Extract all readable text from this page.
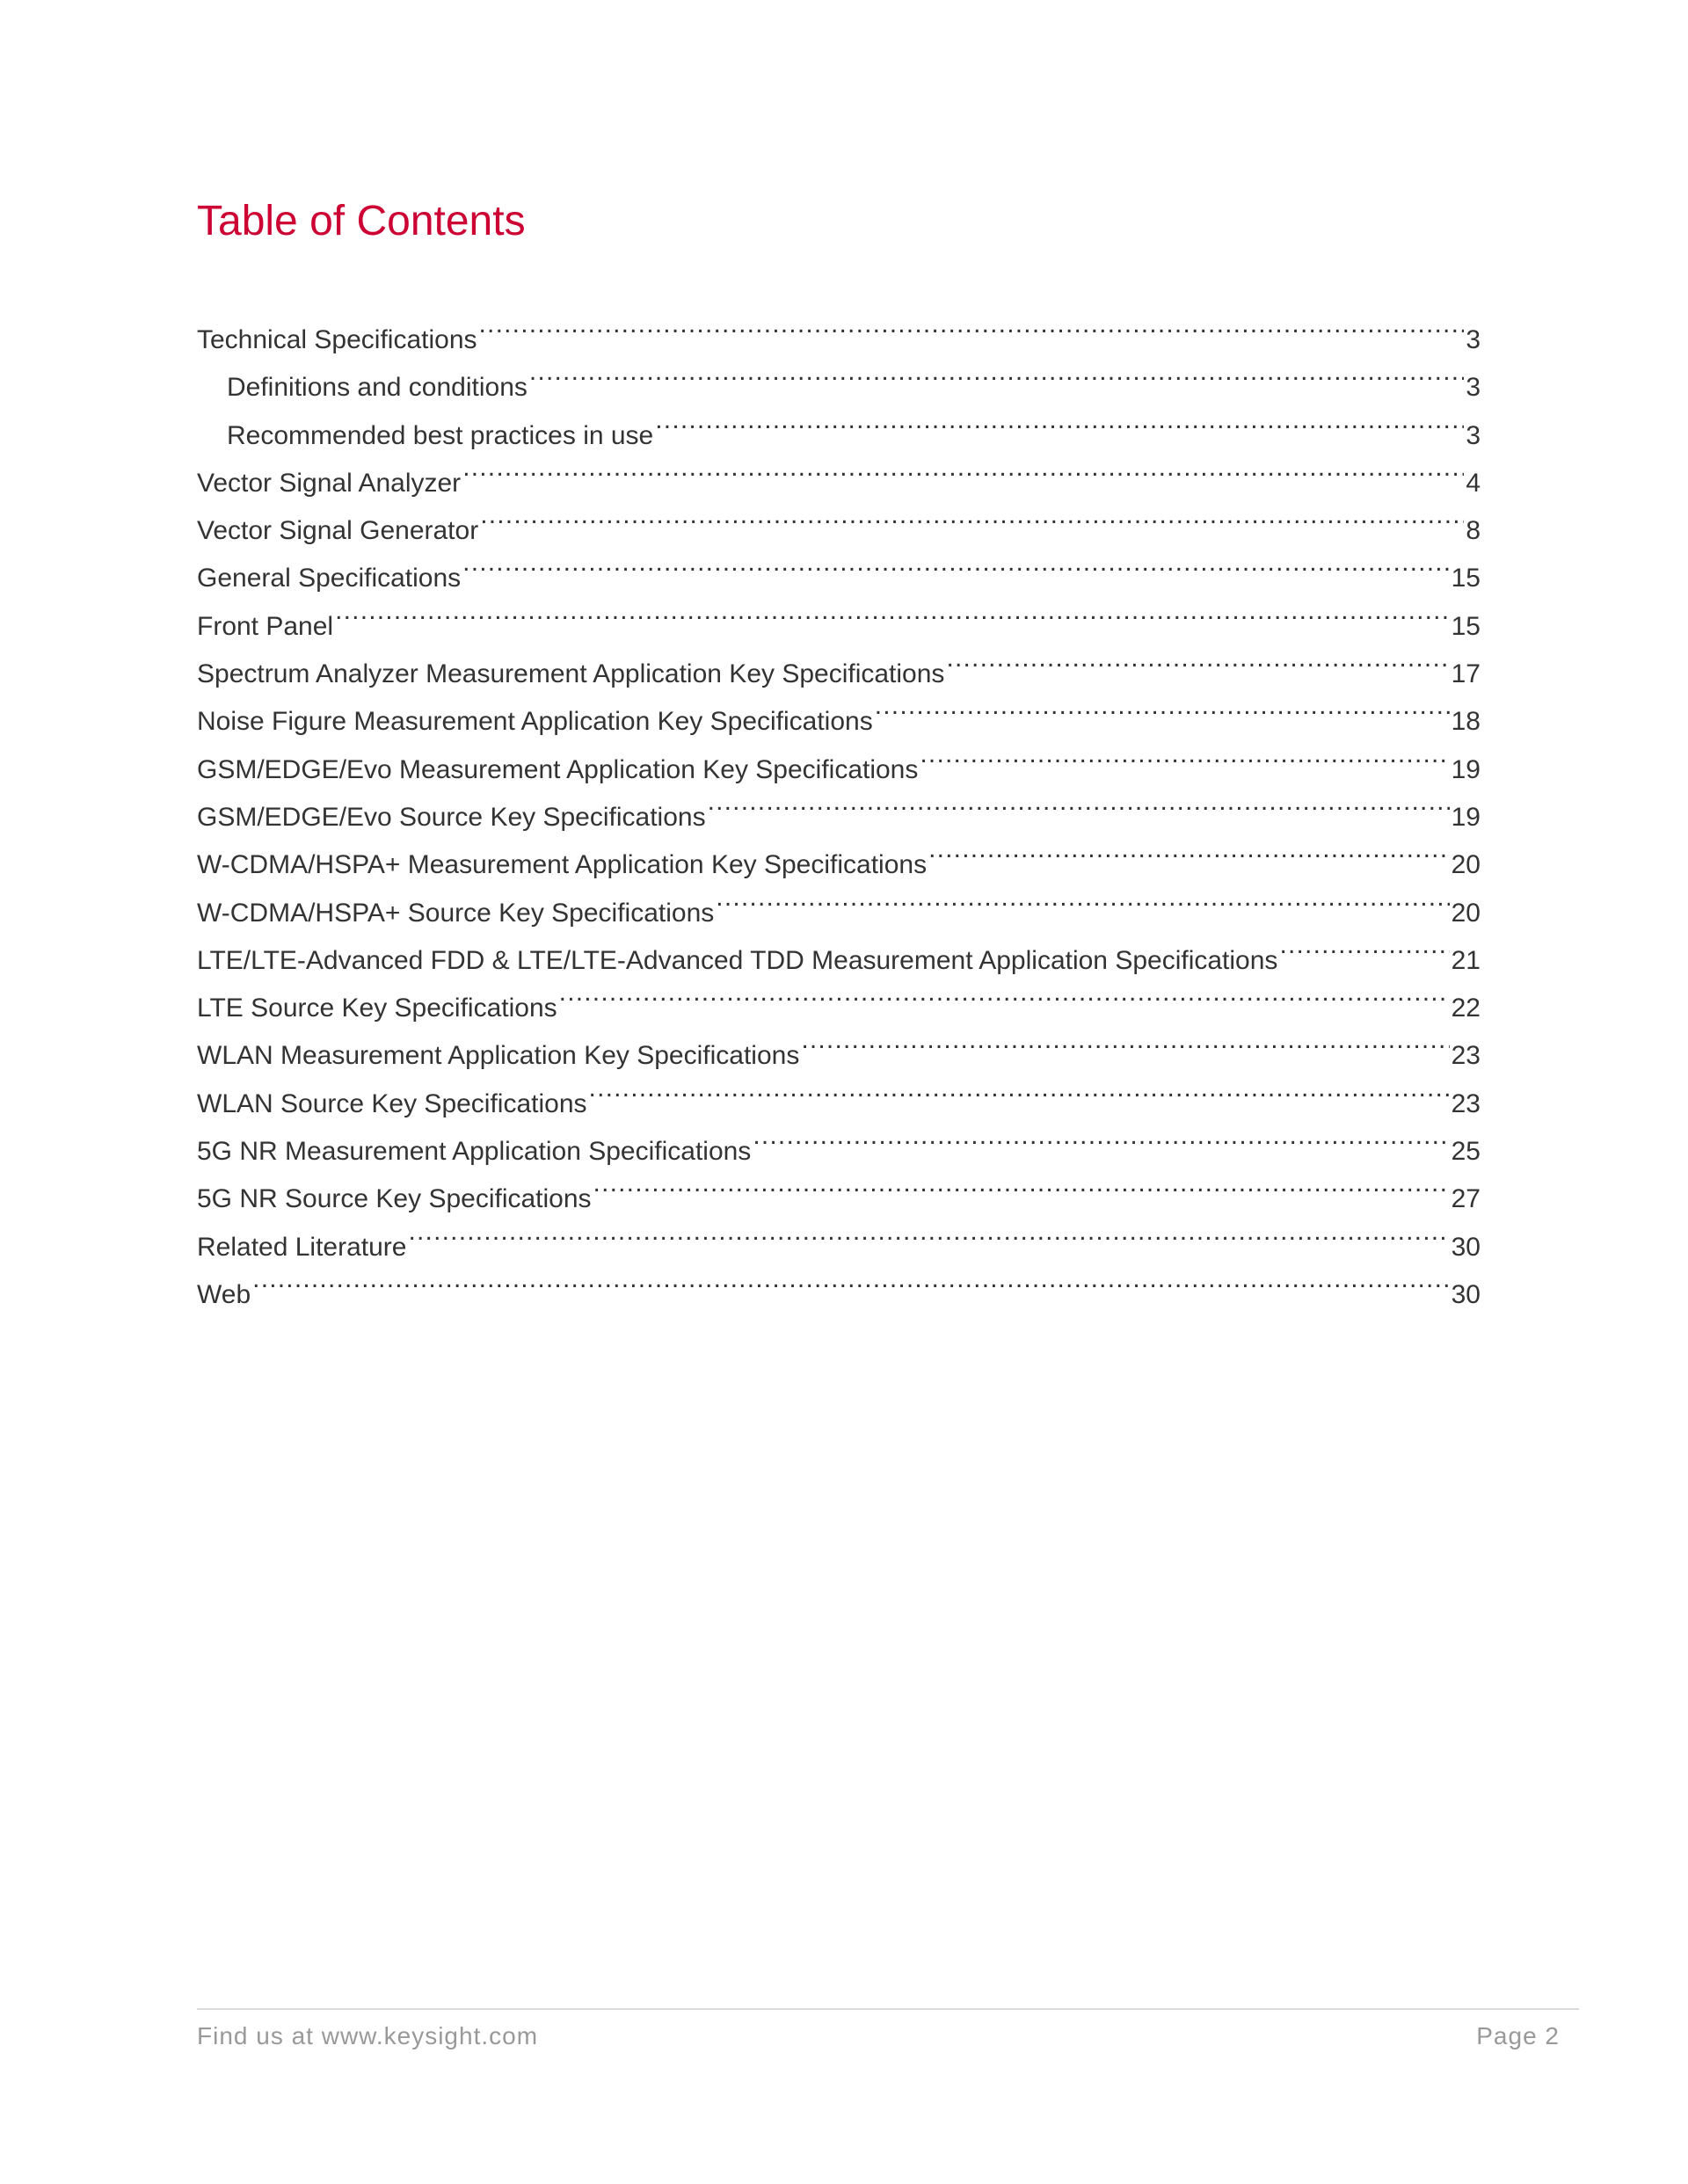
Table of Contents
Technical Specifications .....	3
Definitions and conditions .....	3
Recommended best practices in use .....	3
Vector Signal Analyzer .....	4
Vector Signal Generator .....	8
General Specifications .....	15
Front Panel .....	15
Spectrum Analyzer Measurement Application Key Specifications .....	17
Noise Figure Measurement Application Key Specifications .....	18
GSM/EDGE/Evo Measurement Application Key Specifications .....	19
GSM/EDGE/Evo Source Key Specifications .....	19
W-CDMA/HSPA+ Measurement Application Key Specifications .....	20
W-CDMA/HSPA+ Source Key Specifications .....	20
LTE/LTE-Advanced FDD & LTE/LTE-Advanced TDD Measurement Application Specifications .....	21
LTE Source Key Specifications .....	22
WLAN Measurement Application Key Specifications .....	23
WLAN Source Key Specifications .....	23
5G NR Measurement Application Specifications .....	25
5G NR Source Key Specifications .....	27
Related Literature .....	30
Web .....	30
Find us at www.keysight.com	Page 2
